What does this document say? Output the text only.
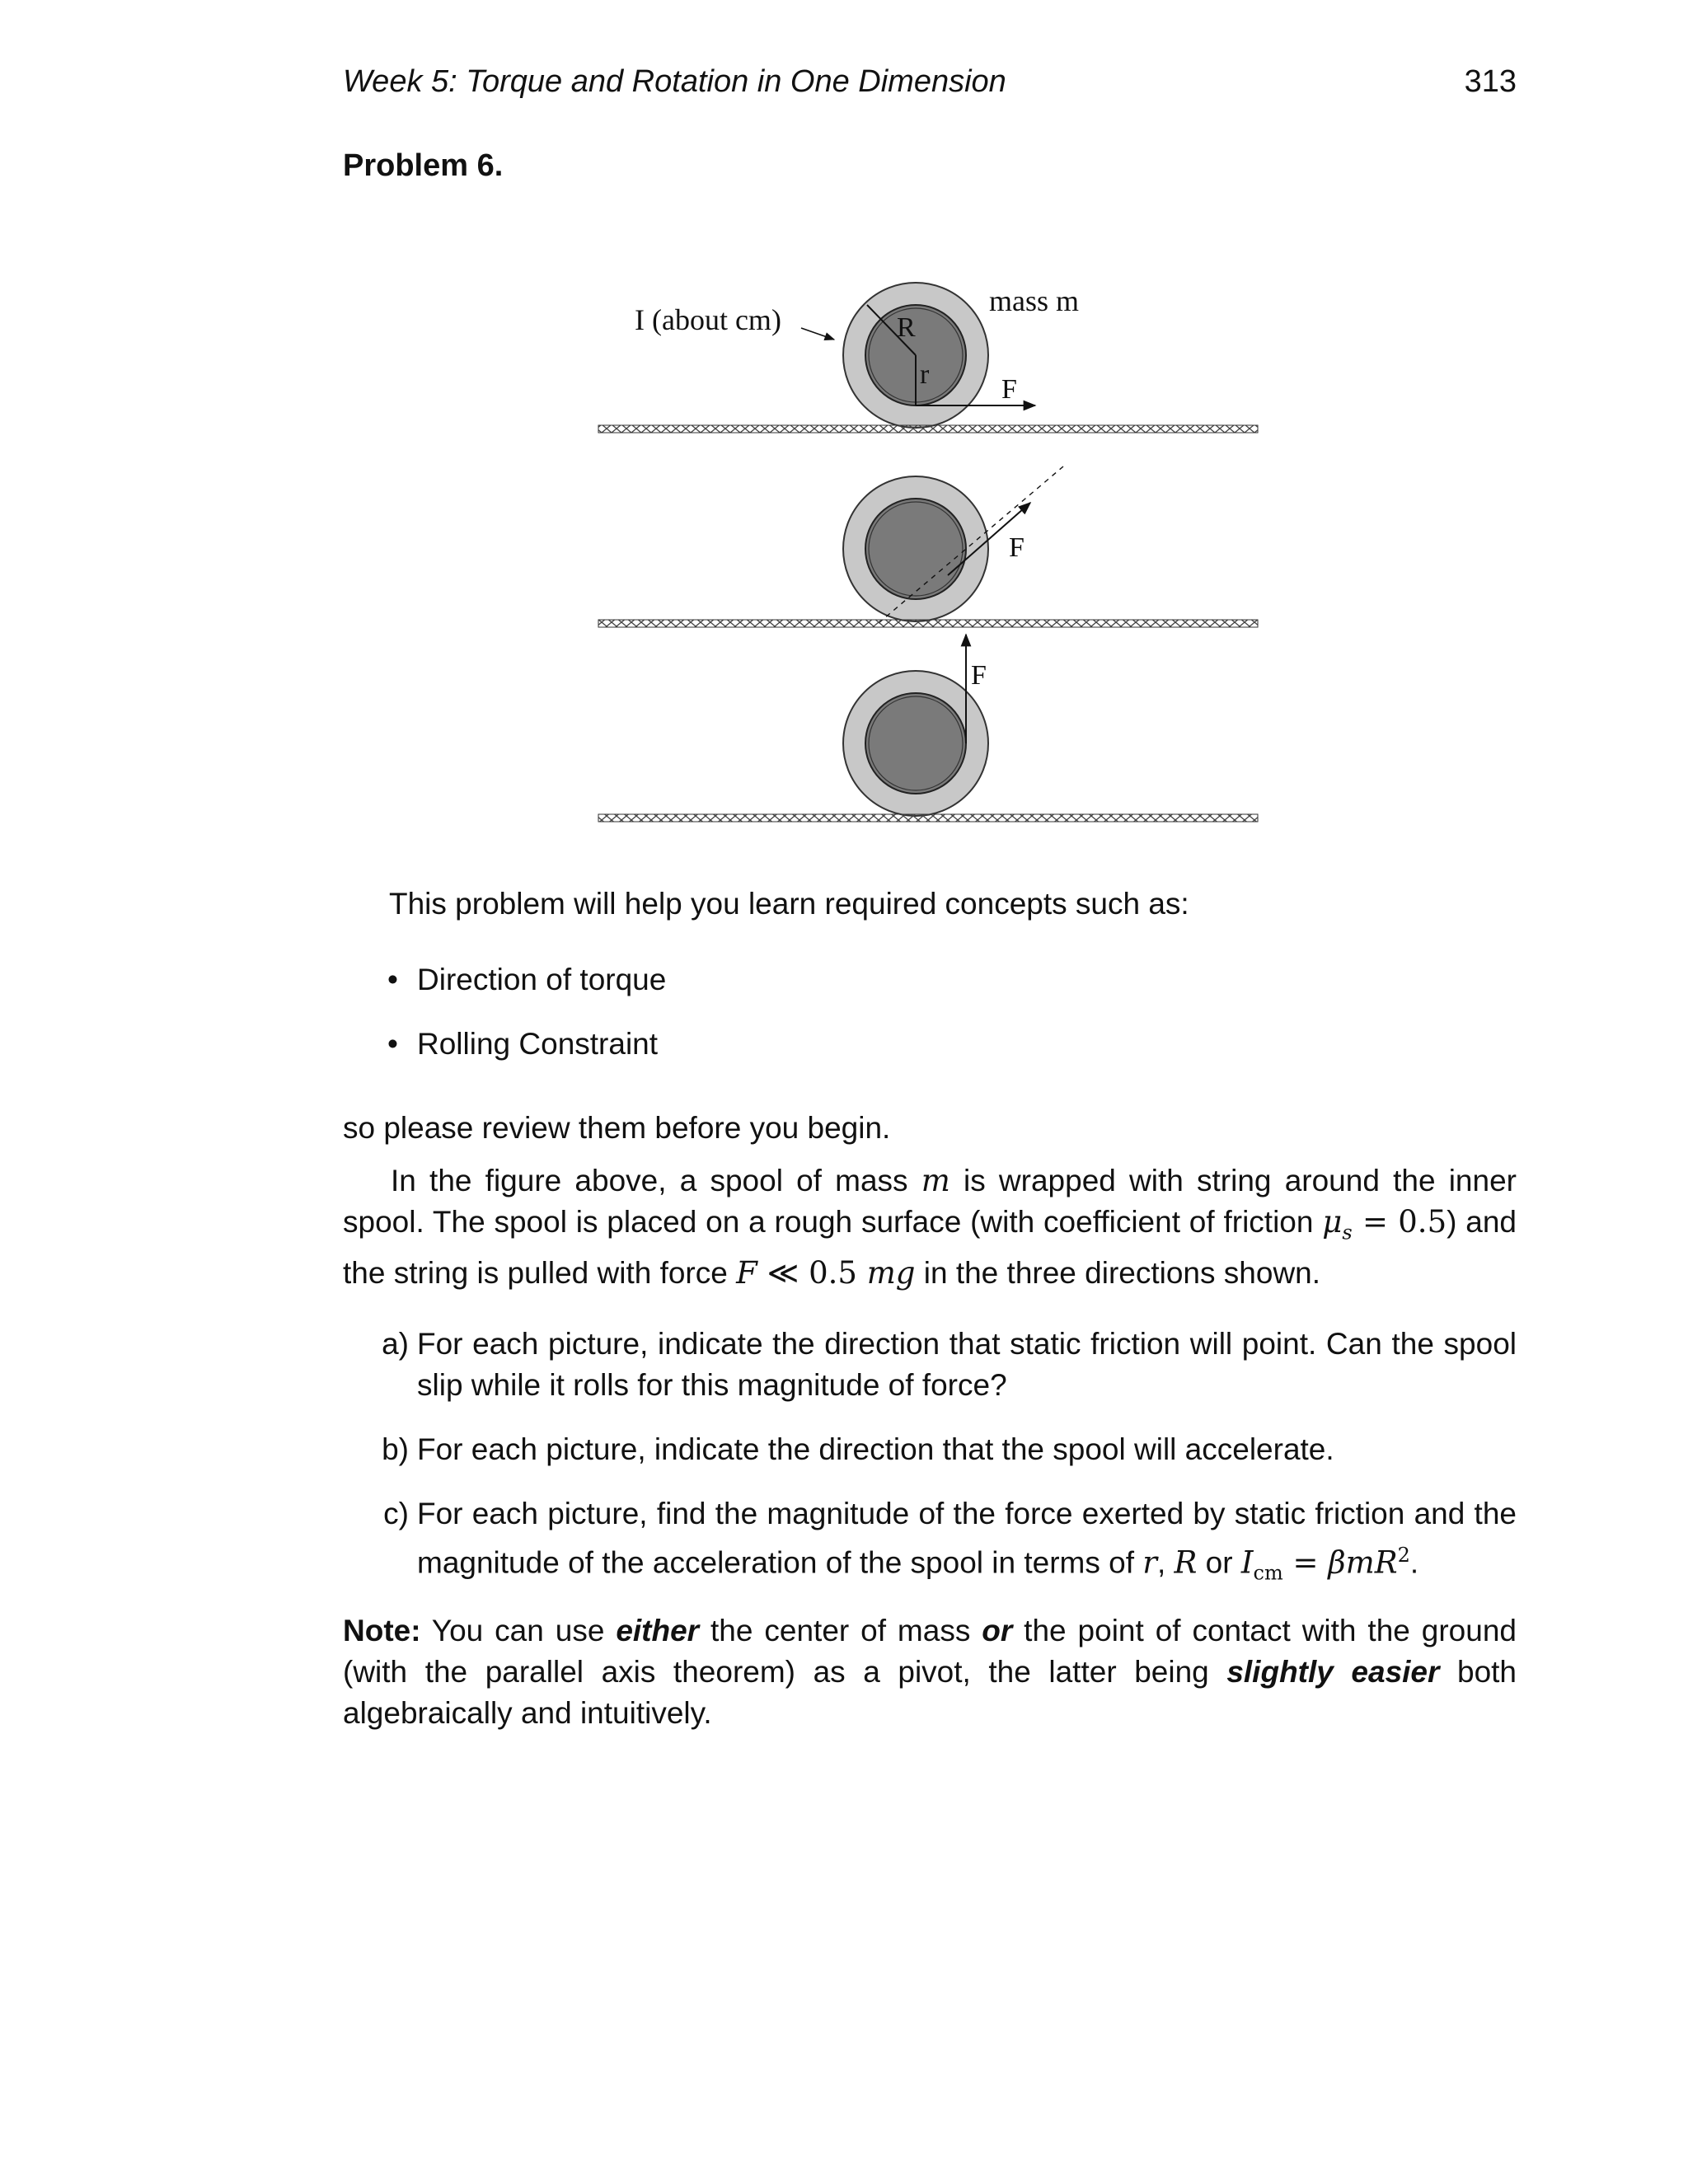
Week 5: Torque and Rotation in One Dimension	313
Problem 6.
I (about cm)	R
r
mass m
F
F
F
This problem will help you learn required concepts such as:
• Direction of torque
• Rolling Constraint
so please review them before you begin.
In the figure above, a spool of mass m is wrapped with string around the inner spool. The spool is placed on a rough surface (with coefficient of friction $\mu_s = 0.5$) and the string is pulled with force F ≪ 0.5 mg in the three directions shown.
a) For each picture, indicate the direction that static friction will point. Can the spool slip while it rolls for this magnitude of force?
b) For each picture, indicate the direction that the spool will accelerate.
c) For each picture, find the magnitude of the force exerted by static friction and the magnitude of the acceleration of the spool in terms of r, R or $I_{cm} = \beta mR^2$.
Note: You can use either the center of mass or the point of contact with the ground (with the parallel axis theorem) as a pivot, the latter being slightly easier both algebraically and intuitively.
